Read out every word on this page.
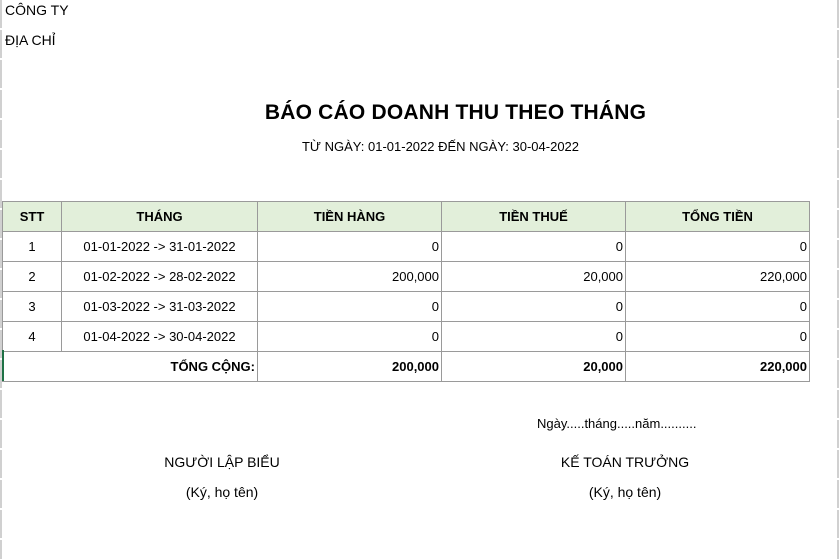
CÔNG TY
ĐỊA CHỈ
BÁO CÁO DOANH THU THEO THÁNG
TỪ NGÀY: 01-01-2022 ĐẾN NGÀY: 30-04-2022
STT	THÁNG	TIỀN HÀNG	TIỀN THUẾ	TỔNG TIỀN
1	01-01-2022 -> 31-01-2022	0	0	0
2	01-02-2022 -> 28-02-2022	200,000	20,000	220,000
3	01-03-2022 -> 31-03-2022	0	0	0
4	01-04-2022 -> 30-04-2022	0	0	0
TỔNG CỘNG:		200,000	20,000	220,000
Ngày.....tháng.....năm..........
NGƯỜI LẬP BIỂU
(Ký, họ tên)
KẾ TOÁN TRƯỞNG
(Ký, họ tên)
